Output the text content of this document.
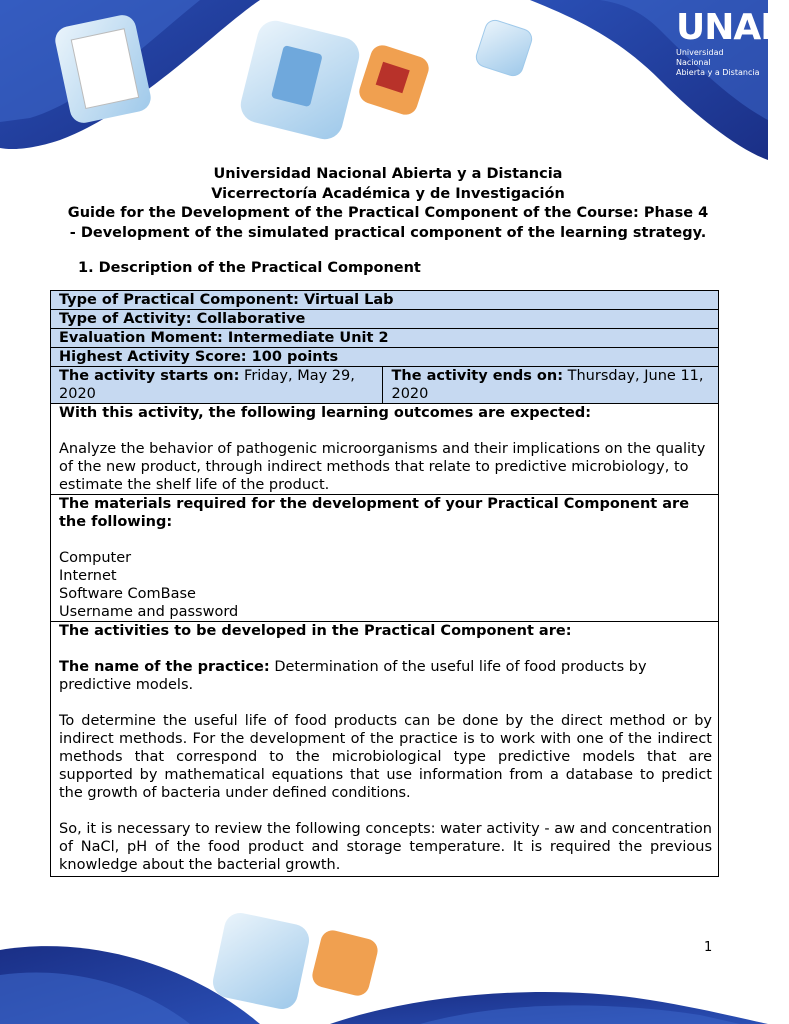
UNAD
Universidad Nacional
Abierta y a Distancia
Universidad Nacional Abierta y a Distancia
Vicerrectoría Académica y de Investigación
Guide for the Development of the Practical Component of the Course: Phase 4
- Development of the simulated practical component of the learning strategy.
1. Description of the Practical Component
Type of Practical Component: Virtual Lab
Type of Activity: Collaborative
Evaluation Moment: Intermediate Unit 2
Highest Activity Score: 100 points
The activity starts on: Friday, May 29, 2020	The activity ends on: Thursday, June 11, 2020

With this activity, the following learning outcomes are expected:

Analyze the behavior of pathogenic microorganisms and their implications on the quality of the new product, through indirect methods that relate to predictive microbiology, to estimate the shelf life of the product.

The materials required for the development of your Practical Component are the following:

Computer

Internet

Software ComBase

Username and password

The activities to be developed in the Practical Component are:

The name of the practice: Determination of the useful life of food products by predictive models.

To determine the useful life of food products can be done by the direct method or by indirect methods. For the development of the practice is to work with one of the indirect methods that correspond to the microbiological type predictive models that are supported by mathematical equations that use information from a database to predict the growth of bacteria under defined conditions.

So, it is necessary to review the following concepts: water activity - aw and concentration of NaCl, pH of the food product and storage temperature. It is required the previous knowledge about the bacterial growth.

1
